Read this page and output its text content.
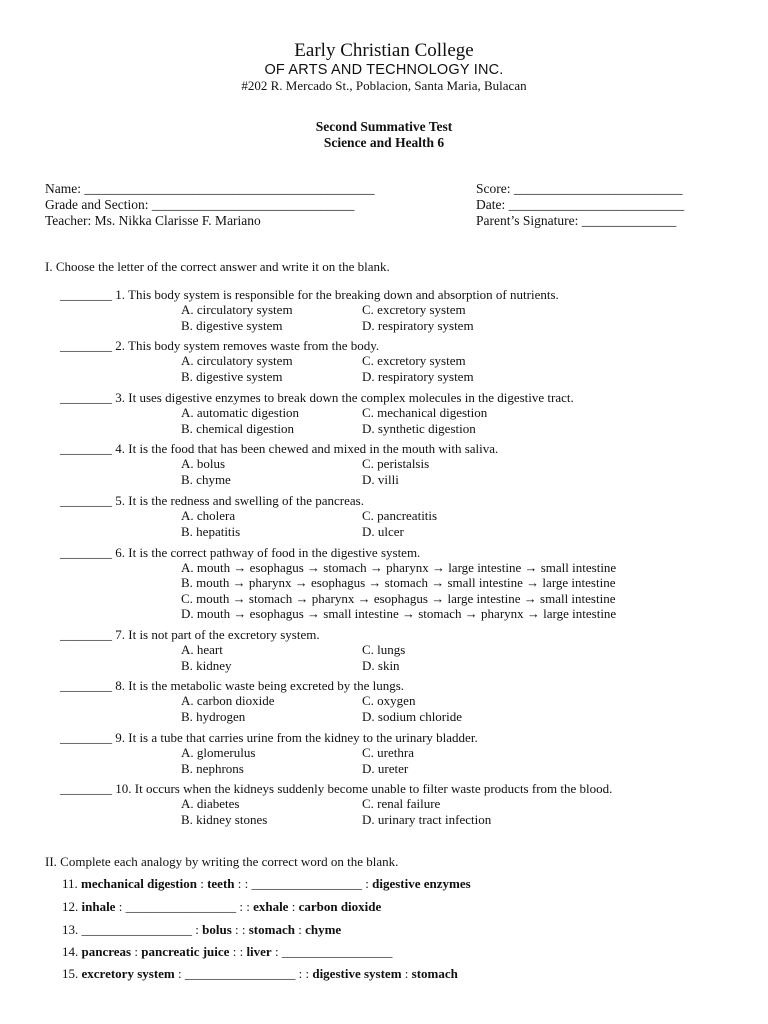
Early Christian College
OF ARTS AND TECHNOLOGY INC.
#202 R. Mercado St., Poblacion, Santa Maria, Bulacan
Second Summative Test
Science and Health 6
Name: ___________________________________________
Grade and Section: ______________________________
Teacher: Ms. Nikka Clarisse F. Mariano
Score: _________________________
Date: __________________________
Parent’s Signature: ______________
I. Choose the letter of the correct answer and write it on the blank.
________ 1. This body system is responsible for the breaking down and absorption of nutrients.
A. circulatory system	C. excretory system
B. digestive system	D. respiratory system
________ 2. This body system removes waste from the body.
A. circulatory system	C. excretory system
B. digestive system	D. respiratory system
________ 3. It uses digestive enzymes to break down the complex molecules in the digestive tract.
A. automatic digestion	C. mechanical digestion
B. chemical digestion	D. synthetic digestion
________ 4. It is the food that has been chewed and mixed in the mouth with saliva.
A. bolus	C. peristalsis
B. chyme	D. villi
________ 5. It is the redness and swelling of the pancreas.
A. cholera	C. pancreatitis
B. hepatitis	D. ulcer
________ 6. It is the correct pathway of food in the digestive system.
A. mouth → esophagus → stomach → pharynx → large intestine → small intestine
B. mouth → pharynx → esophagus → stomach → small intestine → large intestine
C. mouth → stomach → pharynx → esophagus → large intestine → small intestine
D. mouth → esophagus → small intestine → stomach → pharynx → large intestine
________ 7. It is not part of the excretory system.
A. heart	C. lungs
B. kidney	D. skin
________ 8. It is the metabolic waste being excreted by the lungs.
A. carbon dioxide	C. oxygen
B. hydrogen	D. sodium chloride
________ 9. It is a tube that carries urine from the kidney to the urinary bladder.
A. glomerulus	C. urethra
B. nephrons	D. ureter
________ 10. It occurs when the kidneys suddenly become unable to filter waste products from the blood.
A. diabetes	C. renal failure
B. kidney stones	D. urinary tract infection
II. Complete each analogy by writing the correct word on the blank.
11. mechanical digestion : teeth : : _________________ : digestive enzymes
12. inhale : _________________ : : exhale : carbon dioxide
13. _________________ : bolus : : stomach : chyme
14. pancreas : pancreatic juice : : liver : _________________
15. excretory system : _________________ : : digestive system : stomach
